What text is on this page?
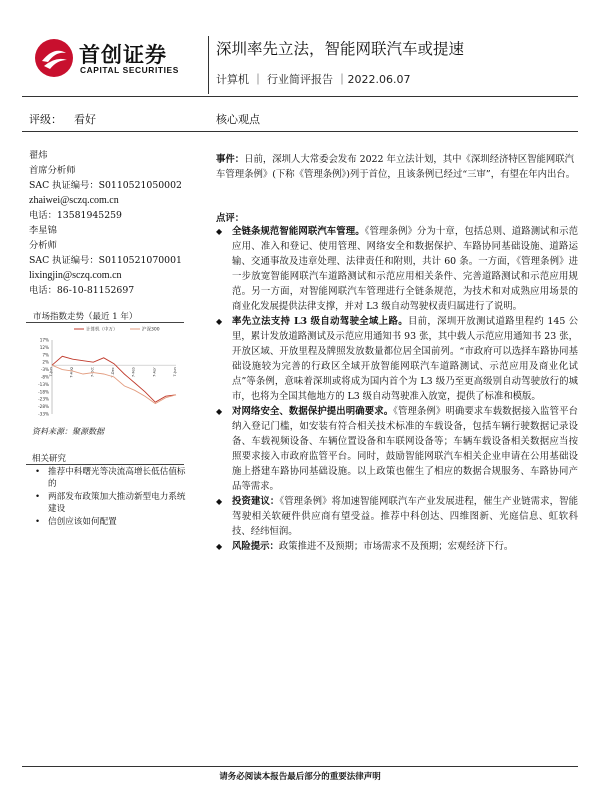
首创证券
CAPITAL SECURITIES
深圳率先立法，智能网联汽车或提速
计算机 ｜ 行业简评报告 ｜2022.06.07
评级： 看好	核心观点
翟炜
首席分析师
SAC 执证编号：S0110521050002
zhaiwei@sczq.com.cn
电话：13581945259
李星锦
分析师
SAC 执证编号：S0110521070001
lixingjin@sczq.com.cn
电话：86-10-81152697
市场指数走势（最近 1 年）
17%
12%
7%
2%
-3%
-8%
-13%
-18%
-23%
-28%
-33%
7-Jun	7-Aug	7-Oct	7-Dec	7-Feb	7-Apr	7-Jun
计算机（中万）	沪深300
资料来源：聚源数据
相关研究
• 推荐中科曙光等决流高增长低估值标的
• 两部发布政策加大推动新型电力系统建设
• 信创应该如何配置
事件：日前，深圳人大常委会发布 2022 年立法计划，其中《深圳经济特区智能网联汽车管理条例》(下称《管理条例》)列于首位，且该条例已经过“三审”，有望在年内出台。
点评：
◆ 全链条规范智能网联汽车管理。《管理条例》分为十章，包括总则、道路测试和示范应用、准入和登记、使用管理、网络安全和数据保护、车路协同基础设施、道路运输、交通事故及违章处理、法律责任和附则，共计 60 条。一方面，《管理条例》进一步放宽智能网联汽车道路测试和示范应用相关条件、完善道路测试和示范应用规范。另一方面，对智能网联汽车管理进行全链条规范，为技术和对成熟应用场景的商业化发展提供法律支撑，并对 L3 级自动驾驶权责归属进行了说明。
◆ 率先立法支持 L3 级自动驾驶全域上路。目前，深圳开放测试道路里程约 145 公里，累计发放道路测试及示范应用通知书 93 张，其中载人示范应用通知书 23 张，开放区域、开放里程及牌照发放数量都位居全国前列。“市政府可以选择车路协同基础设施较为完善的行政区全域开放智能网联汽车道路测试、示范应用及商业化试点”等条例，意味着深圳或将成为国内首个为 L3 级乃至更高级别自动驾驶放行的城市，也将为全国其他地方的 L3 级自动驾驶准入放宽，提供了标准和模版。
◆ 对网络安全、数据保护提出明确要求。《管理条例》明确要求车载数据接入监管平台纳入登记门槛，如安装有符合相关技术标准的车载设备，包括车辆行驶数据记录设备、车载视频设备、车辆位置设备和车联网设备等；车辆车载设备相关数据应当按照要求接入市政府监管平台。同时，鼓励智能网联汽车相关企业申请在公用基础设施上搭建车路协同基础设施。以上政策也催生了相应的数据合规服务、车路协同产品等需求。
◆ 投资建议：《管理条例》将加速智能网联汽车产业发展进程，催生产业链需求，智能驾驶相关软硬件供应商有望受益。推荐中科创达、四维图新、光庭信息、虹软科技、经纬恒润。
◆ 风险提示：政策推进不及预期；市场需求不及预期；宏观经济下行。
请务必阅读本报告最后部分的重要法律声明
